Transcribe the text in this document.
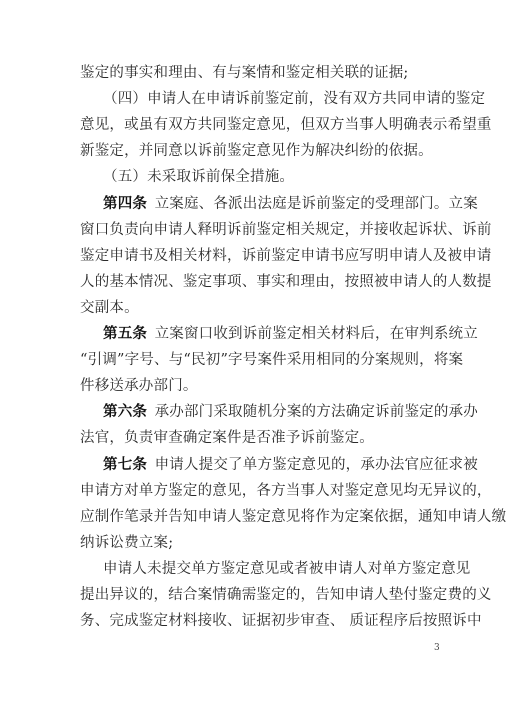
鉴定的事实和理由、有与案情和鉴定相关联的证据;
（四）申请人在申请诉前鉴定前，没有双方共同申请的鉴定
意见，或虽有双方共同鉴定意见，但双方当事人明确表示希望重
新鉴定，并同意以诉前鉴定意见作为解决纠纷的依据。
（五）未采取诉前保全措施。
第四条  立案庭、各派出法庭是诉前鉴定的受理部门。立案
窗口负责向申请人释明诉前鉴定相关规定，并接收起诉状、诉前
鉴定申请书及相关材料，诉前鉴定申请书应写明申请人及被申请
人的基本情况、鉴定事项、事实和理由，按照被申请人的人数提
交副本。
第五条  立案窗口收到诉前鉴定相关材料后，在审判系统立
“引调”字号、与“民初”字号案件采用相同的分案规则，将案
件移送承办部门。
第六条  承办部门采取随机分案的方法确定诉前鉴定的承办
法官，负责审查确定案件是否准予诉前鉴定。
第七条  申请人提交了单方鉴定意见的，承办法官应征求被
申请方对单方鉴定的意见，各方当事人对鉴定意见均无异议的，
应制作笔录并告知申请人鉴定意见将作为定案依据，通知申请人缴
纳诉讼费立案;
申请人未提交单方鉴定意见或者被申请人对单方鉴定意见
提出异议的，结合案情确需鉴定的，告知申请人垫付鉴定费的义
务、完成鉴定材料接收、证据初步审查、 质证程序后按照诉中
3
